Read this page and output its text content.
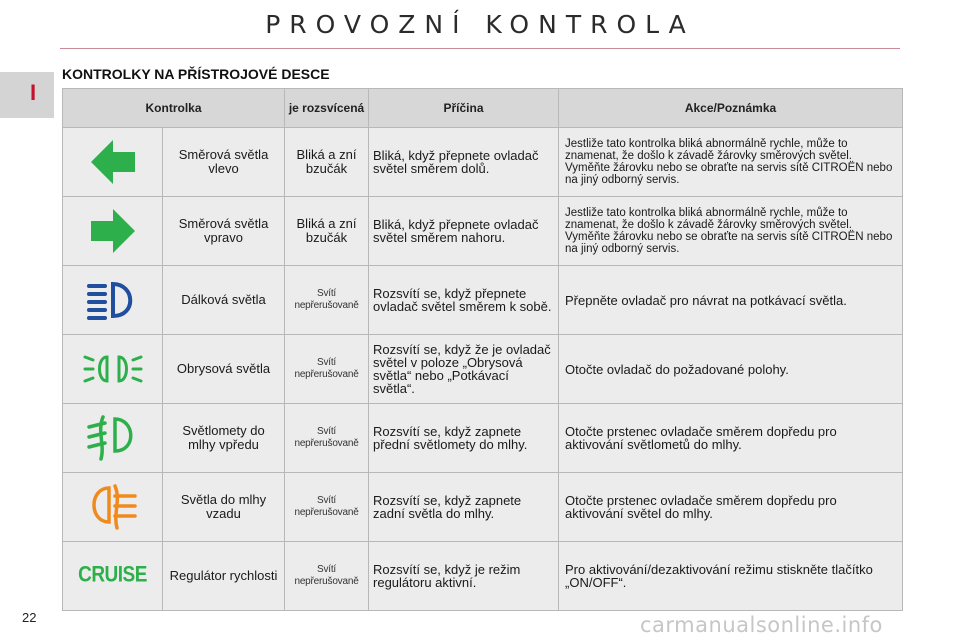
PROVOZNÍ KONTROLA
I
KONTROLKY NA PŘÍSTROJOVÉ DESCE
Kontrolka		je rozsvícená	Příčina	Akce/Poznámka
	Směrová světla vlevo	Bliká a zní bzučák	Bliká, když přepnete ovladač světel směrem dolů.	Jestliže tato kontrolka bliká abnormálně rychle, může to znamenat, že došlo k závadě žárovky směrových světel. Vyměňte žárovku nebo se obraťte na servis sítě CITROËN nebo na jiný odborný servis.
	Směrová světla vpravo	Bliká a zní bzučák	Bliká, když přepnete ovladač světel směrem nahoru.	Jestliže tato kontrolka bliká abnormálně rychle, může to znamenat, že došlo k závadě žárovky směrových světel. Vyměňte žárovku nebo se obraťte na servis sítě CITROËN nebo na jiný odborný servis.
	Dálková světla	Svítí nepřerušovaně	Rozsvítí se, když přepnete ovladač světel směrem k sobě.	Přepněte ovladač pro návrat na potkávací světla.
	Obrysová světla	Svítí nepřerušovaně	Rozsvítí se, když že je ovladač světel v poloze „Obrysová světla“ nebo „Potkávací světla“.	Otočte ovladač do požadované polohy.
	Světlomety do mlhy vpředu	Svítí nepřerušovaně	Rozsvítí se, když zapnete přední světlomety do mlhy.	Otočte prstenec ovladače směrem dopředu pro aktivování světlometů do mlhy.
	Světla do mlhy vzadu	Svítí nepřerušovaně	Rozsvítí se, když zapnete zadní světla do mlhy.	Otočte prstenec ovladače směrem dopředu pro aktivování světel do mlhy.
CRUISE	Regulátor rychlosti	Svítí nepřerušovaně	Rozsvítí se, když je režim regulátoru aktivní.	Pro aktivování/dezaktivování režimu stiskněte tlačítko „ON/OFF“.
22	carmanualsonline.info
